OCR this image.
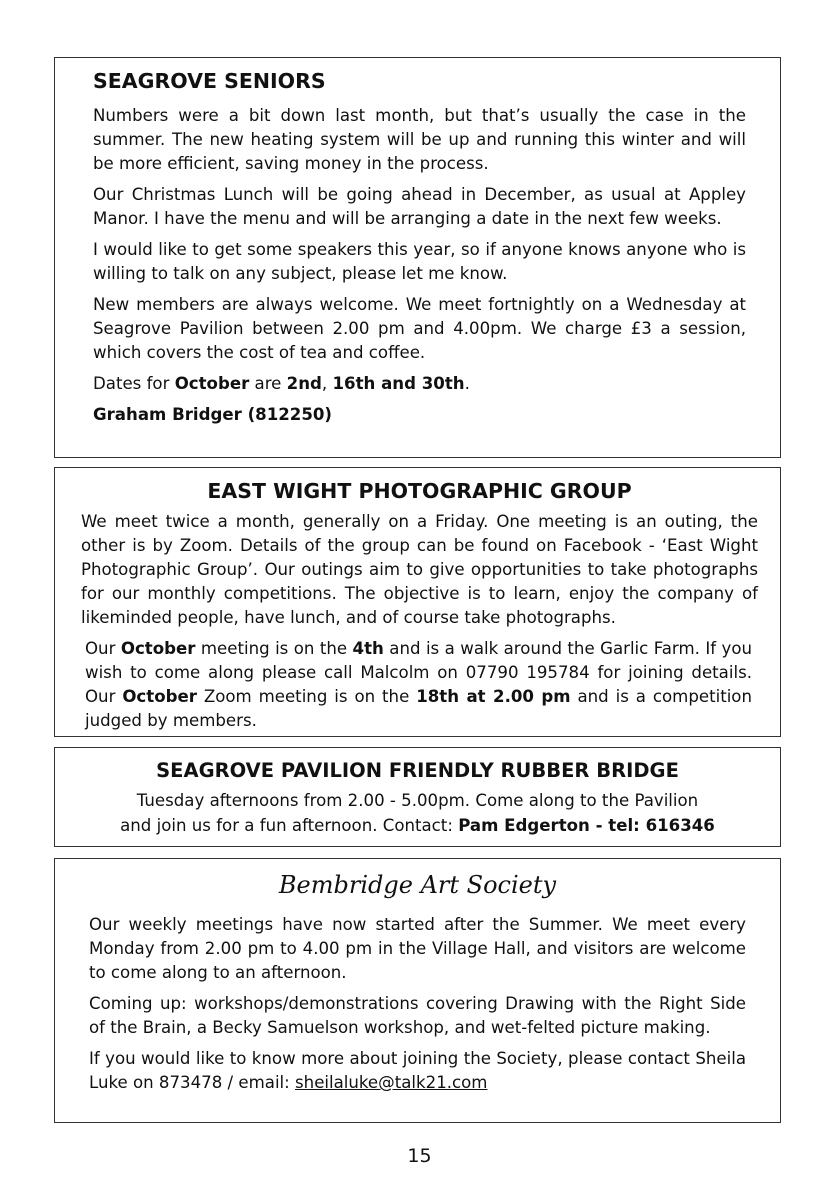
SEAGROVE SENIORS

Numbers were a bit down last month, but that’s usually the case in the summer. The new heating system will be up and running this winter and will be more efficient, saving money in the process.

Our Christmas Lunch will be going ahead in December, as usual at Appley Manor. I have the menu and will be arranging a date in the next few weeks.

I would like to get some speakers this year, so if anyone knows anyone who is willing to talk on any subject, please let me know.

New members are always welcome. We meet fortnightly on a Wednesday at Seagrove Pavilion between 2.00 pm and 4.00pm. We charge £3 a session, which covers the cost of tea and coffee.

Dates for October are 2nd, 16th and 30th.

Graham Bridger (812250)

EAST WIGHT PHOTOGRAPHIC GROUP

We meet twice a month, generally on a Friday. One meeting is an outing, the other is by Zoom. Details of the group can be found on Facebook - ‘East Wight Photographic Group’. Our outings aim to give opportunities to take photographs for our monthly competitions. The objective is to learn, enjoy the company of likeminded people, have lunch, and of course take photographs.

Our October meeting is on the 4th and is a walk around the Garlic Farm. If you wish to come along please call Malcolm on 07790 195784 for joining details. Our October Zoom meeting is on the 18th at 2.00 pm and is a competition judged by members.

SEAGROVE PAVILION FRIENDLY RUBBER BRIDGE

Tuesday afternoons from 2.00 - 5.00pm. Come along to the Pavilion

and join us for a fun afternoon. Contact: Pam Edgerton - tel: 616346

Bembridge Art Society

Our weekly meetings have now started after the Summer. We meet every Monday from 2.00 pm to 4.00 pm in the Village Hall, and visitors are welcome to come along to an afternoon.

Coming up: workshops/demonstrations covering Drawing with the Right Side of the Brain, a Becky Samuelson workshop, and wet-felted picture making.

If you would like to know more about joining the Society, please contact Sheila Luke on 873478 / email: sheilaluke@talk21.com

15
